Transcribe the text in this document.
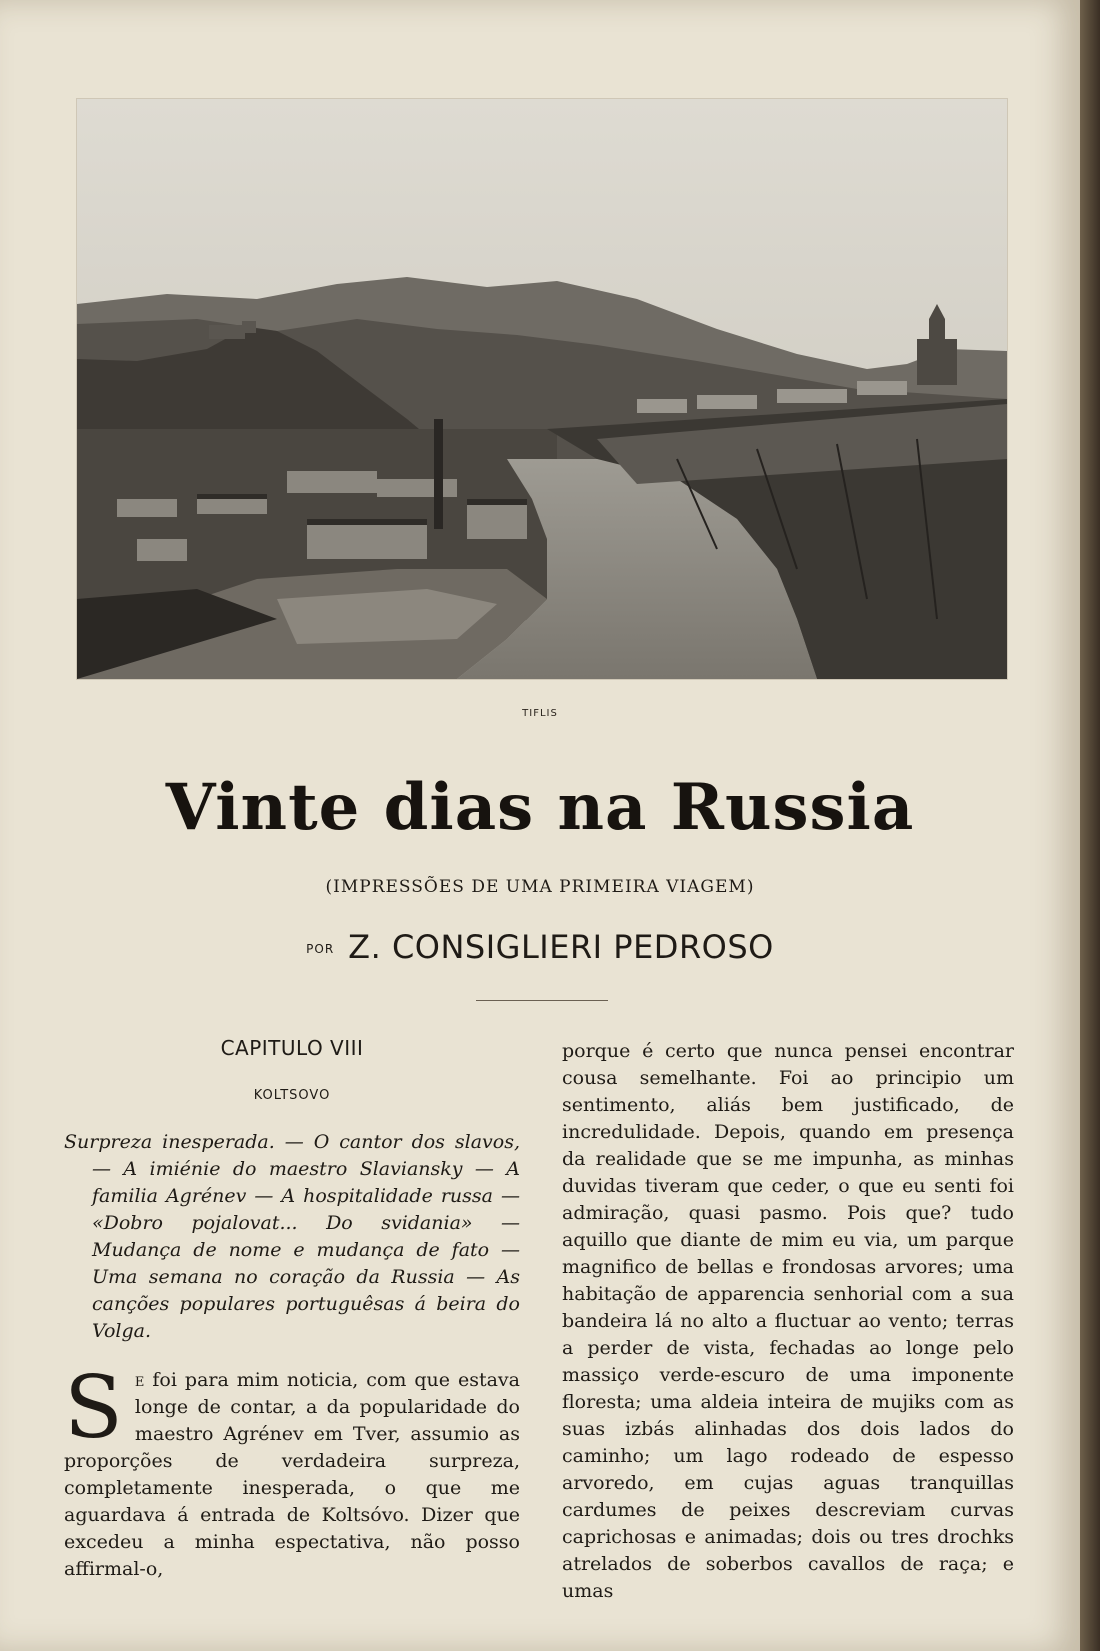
TIFLIS
Vinte dias na Russia
(IMPRESSÕES DE UMA PRIMEIRA VIAGEM)
POR Z. CONSIGLIERI PEDROSO
CAPITULO VIII
KOLTSOVO
Surpreza inesperada. — O cantor dos slavos, — A imiénie do maestro Slaviansky — A familia Agrénev — A hospitalidade russa — «Dobro pojalovat... Do svidania» — Mudança de nome e mudança de fato — Uma semana no coração da Russia — As canções populares portuguêsas á beira do Volga.
Se foi para mim noticia, com que estava longe de contar, a da popularidade do maestro Agrénev em Tver, assumio as proporções de verdadeira surpreza, completamente inesperada, o que me aguardava á entrada de Koltsóvo. Dizer que excedeu a minha espectativa, não posso affirmal-o,

porque é certo que nunca pensei encontrar cousa semelhante. Foi ao principio um sentimento, aliás bem justificado, de incredulidade. Depois, quando em presença da realidade que se me impunha, as minhas duvidas tiveram que ceder, o que eu senti foi admiração, quasi pasmo. Pois que? tudo aquillo que diante de mim eu via, um parque magnifico de bellas e frondosas arvores; uma habitação de apparencia senhorial com a sua bandeira lá no alto a fluctuar ao vento; terras a perder de vista, fechadas ao longe pelo massiço verde-escuro de uma imponente floresta; uma aldeia inteira de mujiks com as suas izbás alinhadas dos dois lados do caminho; um lago rodeado de espesso arvoredo, em cujas aguas tranquillas cardumes de peixes descreviam curvas caprichosas e animadas; dois ou tres drochks atrelados de soberbos cavallos de raça; e umas
